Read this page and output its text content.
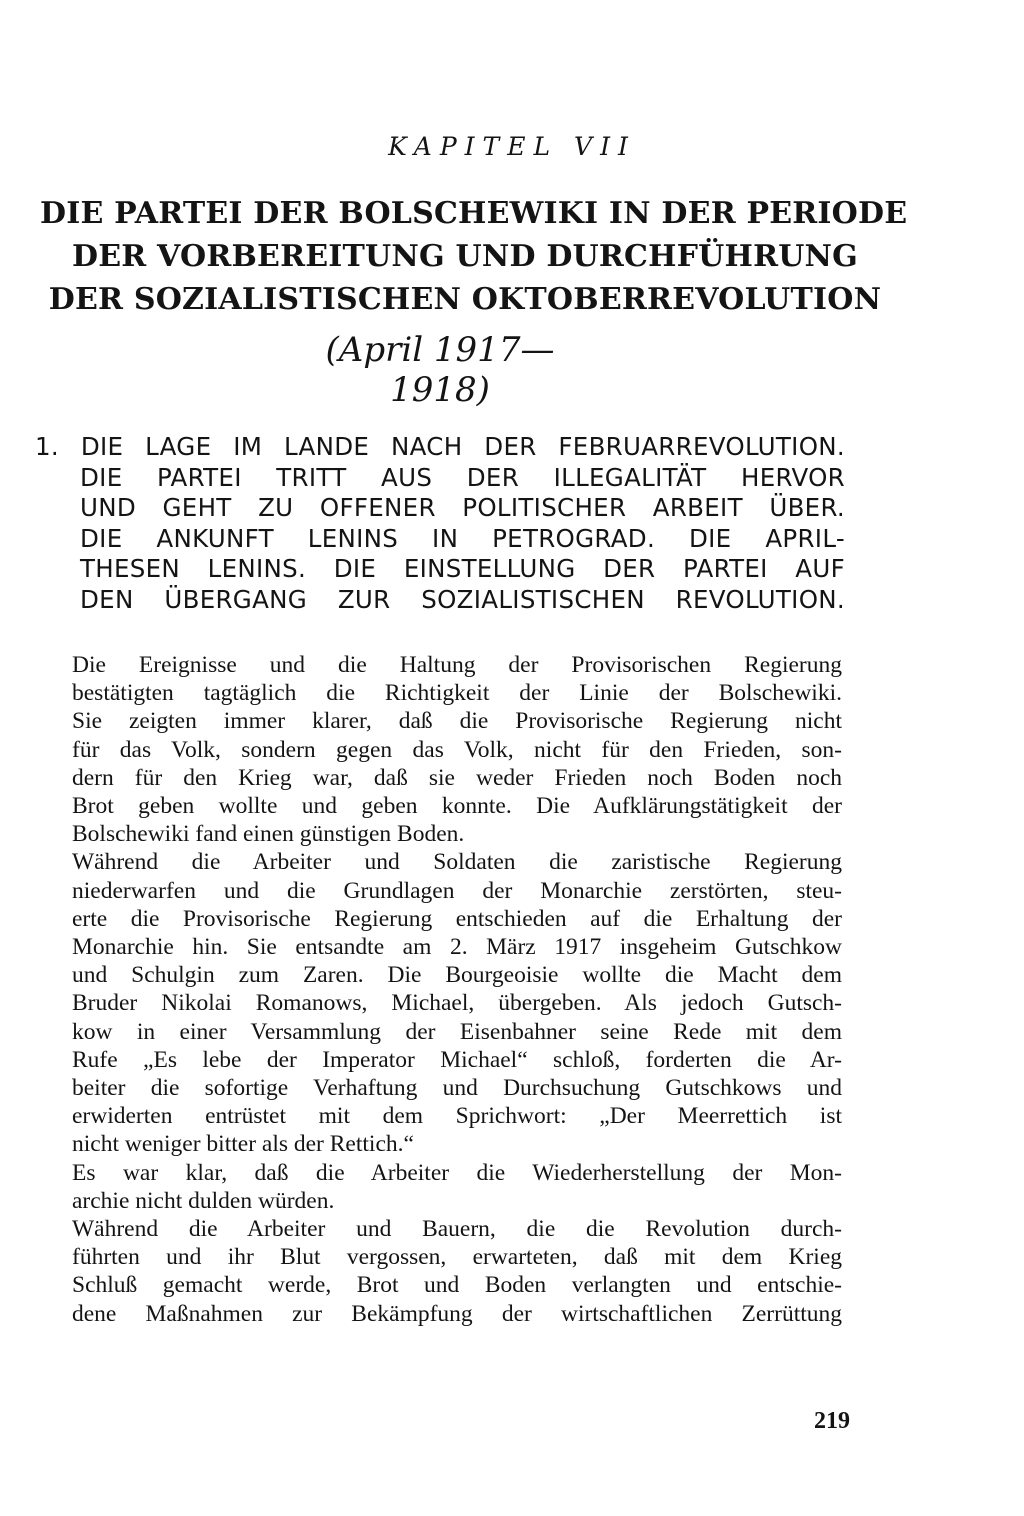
KAPITEL VII
DIE PARTEI DER BOLSCHEWIKI IN DER PERIODE
DER VORBEREITUNG UND DURCHFÜHRUNG
DER SOZIALISTISCHEN OKTOBERREVOLUTION
(April 1917—1918)
1. DIE LAGE IM LANDE NACH DER FEBRUARREVOLUTION.
DIE PARTEI TRITT AUS DER ILLEGALITÄT HERVOR
UND GEHT ZU OFFENER POLITISCHER ARBEIT ÜBER.
DIE ANKUNFT LENINS IN PETROGRAD. DIE APRIL-
THESEN LENINS. DIE EINSTELLUNG DER PARTEI AUF
DEN ÜBERGANG ZUR SOZIALISTISCHEN REVOLUTION.
Die Ereignisse und die Haltung der Provisorischen Regierung
bestätigten tagtäglich die Richtigkeit der Linie der Bolschewiki.
Sie zeigten immer klarer, daß die Provisorische Regierung nicht
für das Volk, sondern gegen das Volk, nicht für den Frieden, son-
dern für den Krieg war, daß sie weder Frieden noch Boden noch
Brot geben wollte und geben konnte. Die Aufklärungstätigkeit der
Bolschewiki fand einen günstigen Boden.
Während die Arbeiter und Soldaten die zaristische Regierung
niederwarfen und die Grundlagen der Monarchie zerstörten, steu-
erte die Provisorische Regierung entschieden auf die Erhaltung der
Monarchie hin. Sie entsandte am 2. März 1917 insgeheim Gutschkow
und Schulgin zum Zaren. Die Bourgeoisie wollte die Macht dem
Bruder Nikolai Romanows, Michael, übergeben. Als jedoch Gutsch-
kow in einer Versammlung der Eisenbahner seine Rede mit dem
Rufe „Es lebe der Imperator Michael“ schloß, forderten die Ar-
beiter die sofortige Verhaftung und Durchsuchung Gutschkows und
erwiderten entrüstet mit dem Sprichwort: „Der Meerrettich ist
nicht weniger bitter als der Rettich.“
Es war klar, daß die Arbeiter die Wiederherstellung der Mon-
archie nicht dulden würden.
Während die Arbeiter und Bauern, die die Revolution durch-
führten und ihr Blut vergossen, erwarteten, daß mit dem Krieg
Schluß gemacht werde, Brot und Boden verlangten und entschie-
dene Maßnahmen zur Bekämpfung der wirtschaftlichen Zerrüttung
219
